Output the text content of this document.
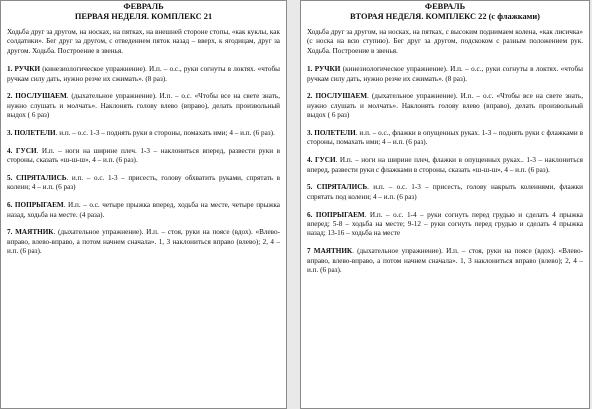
ФЕВРАЛЬ
ПЕРВАЯ НЕДЕЛЯ. КОМПЛЕКС 21

Ходьба друг за другом, на носках, на пятках, на внешней стороне стопы, «как куклы, как солдатики». Бег друг за другом, с отведением пяток назад – вверх, к ягодицам, друг за другом. Ходьба. Построение в звенья.

1. РУЧКИ (кинезиологическое упражнение). И.п. – о.с., руки согнуты в локтях. «чтобы ручкам силу дать, нужно резче их сжимать». (8 раз).

2. ПОСЛУШАЕМ. (дыхательное упражнение). И.п. – о.с. «Чтобы все на свете знать, нужно слушать и молчать». Наклонять голову влево (вправо), делать произвольный выдох ( 6 раз)

3. ПОЛЕТЕЛИ. и.п. – о.с. 1-3 – поднять руки в стороны, помахать ими; 4 – и.п. (6 раз).

4. ГУСИ. И.п. – ноги на ширине плеч. 1-3 – наклониться вперед, развести руки в стороны, сказать «ш-ш-ш», 4 – и.п. (6 раз).

5. СПРЯТАЛИСЬ. и.п. – о.с. 1-3 – присесть, голову обхватить руками, спрятать в колени; 4 – и.п. (6 раз)

6. ПОПРЫГАЕМ. И.п. – о.с. четыре прыжка вперед, ходьба на месте, четыре прыжка назад, ходьба на месте. (4 раза).

7. МАЯТНИК. (дыхательное упражнение). И.п. – стоя, руки на поясе (вдох). «Влево-вправо, влево-вправо, а потом начнем сначала». 1, 3 наклониться вправо (влево); 2, 4 – и.п. (6 раз).

ФЕВРАЛЬ
ВТОРАЯ НЕДЕЛЯ. КОМПЛЕКС 22 (с флажками)

Ходьба друг за другом, на носках, на пятках, с высоким поднимаем колена, «как лисичка» (с носка на всю ступню). Бег друг за другом, подскоком с разным положением рук. Ходьба. Построение в звенья.

1. РУЧКИ (кинезиологическое упражнение). И.п. – о.с., руки согнуты в локтях. «чтобы ручкам силу дать, нужно резче их сжимать». (8 раз).

2. ПОСЛУШАЕМ. (дыхательное упражнение). И.п. – о.с. «Чтобы все на свете знать, нужно слушать и молчать». Наклонять голову влево (вправо), делать произвольный выдох ( 6 раз)

3. ПОЛЕТЕЛИ. и.п. – о.с., флажки в опущенных руках. 1-3 – поднять руки с флажками в стороны, помахать ими; 4 – и.п. (6 раз).

4. ГУСИ. И.п. – ноги на ширине плеч, флажки в опущенных руках.. 1-3 – наклониться вперед, развести руки с флажками в стороны, сказать «ш-ш-ш», 4 – и.п. (6 раз).

5. СПРЯТАЛИСЬ. и.п. – о.с. 1-3 – присесть, голову накрыть колениями, флажки спрятать под колени; 4 – и.п. (6 раз)

6. ПОПРЫГАЕМ. И.п. – о.с. 1-4 – руки согнуть перед грудью и сделать 4 прыжка вперед; 5-8 – ходьба на месте; 9-12 – руки согнуть перед грудью и сделать 4 прыжка назад; 13-16 – ходьба на месте

7 МАЯТНИК. (дыхательное упражнение). И.п. – стоя, руки на поясе (вдох). «Влево-вправо, влево-вправо, а потом начнем сначала». 1, 3 наклониться вправо (влево); 2, 4 – и.п. (6 раз).
